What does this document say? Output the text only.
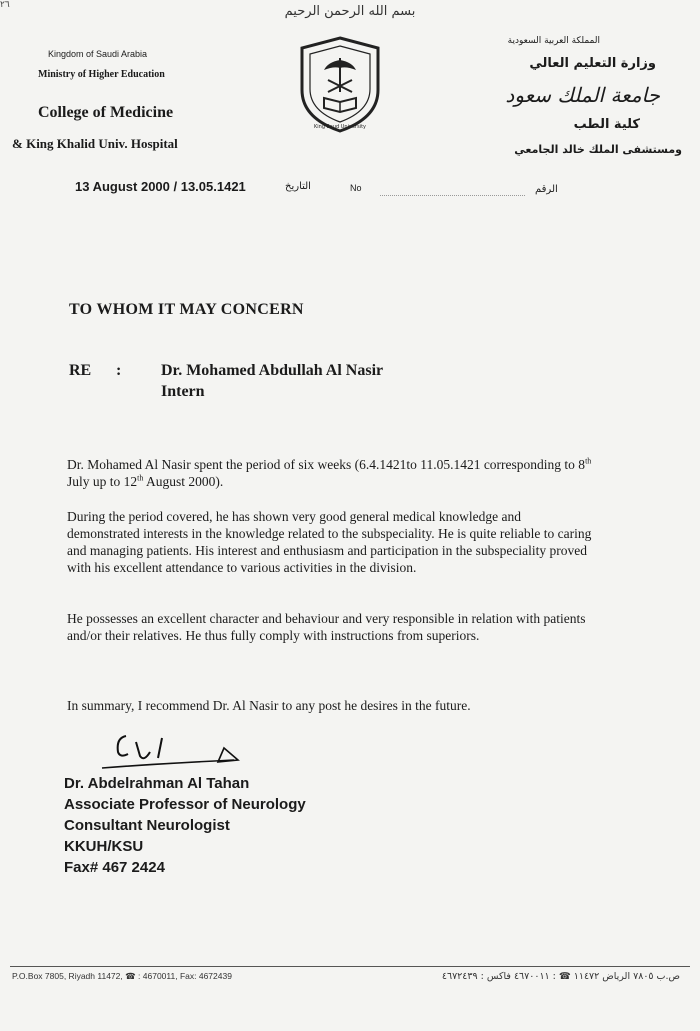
٢٦	بسم الله الرحمن الرحيم
Kingdom of Saudi Arabia
Ministry of Higher Education
College of Medicine
& King Khalid Univ. Hospital
المملكة العربية السعودية
وزارة التعليم العالي
جامعة الملك سعود
كلية الطب
ومستشفى الملك خالد الجامعي
King Saud University
13 August 2000 / 13.05.1421	التاريخ	No	الرقم
TO WHOM IT MAY CONCERN
RE : Dr. Mohamed Abdullah Al Nasir
Intern
Dr. Mohamed Al Nasir spent the period of six weeks (6.4.1421to 11.05.1421 corresponding to 8th July up to 12th August 2000).
During the period covered, he has shown very good general medical knowledge and demonstrated interests in the knowledge related to the subspeciality. He is quite reliable to caring and managing patients. His interest and enthusiasm and participation in the subspeciality proved with his excellent attendance to various activities in the division.
He possesses an excellent character and behaviour and very responsible in relation with patients and/or their relatives. He thus fully comply with instructions from superiors.
In summary, I recommend Dr. Al Nasir to any post he desires in the future.
Dr. Abdelrahman Al Tahan
Associate Professor of Neurology
Consultant Neurologist
KKUH/KSU
Fax# 467 2424
P.O.Box 7805, Riyadh 11472, ☎ : 4670011, Fax: 4672439	ص.ب ٧٨٠٥ الرياض ١١٤٧٢ ☎ : ٤٦٧٠٠١١ فاكس : ٤٦٧٢٤٣٩
